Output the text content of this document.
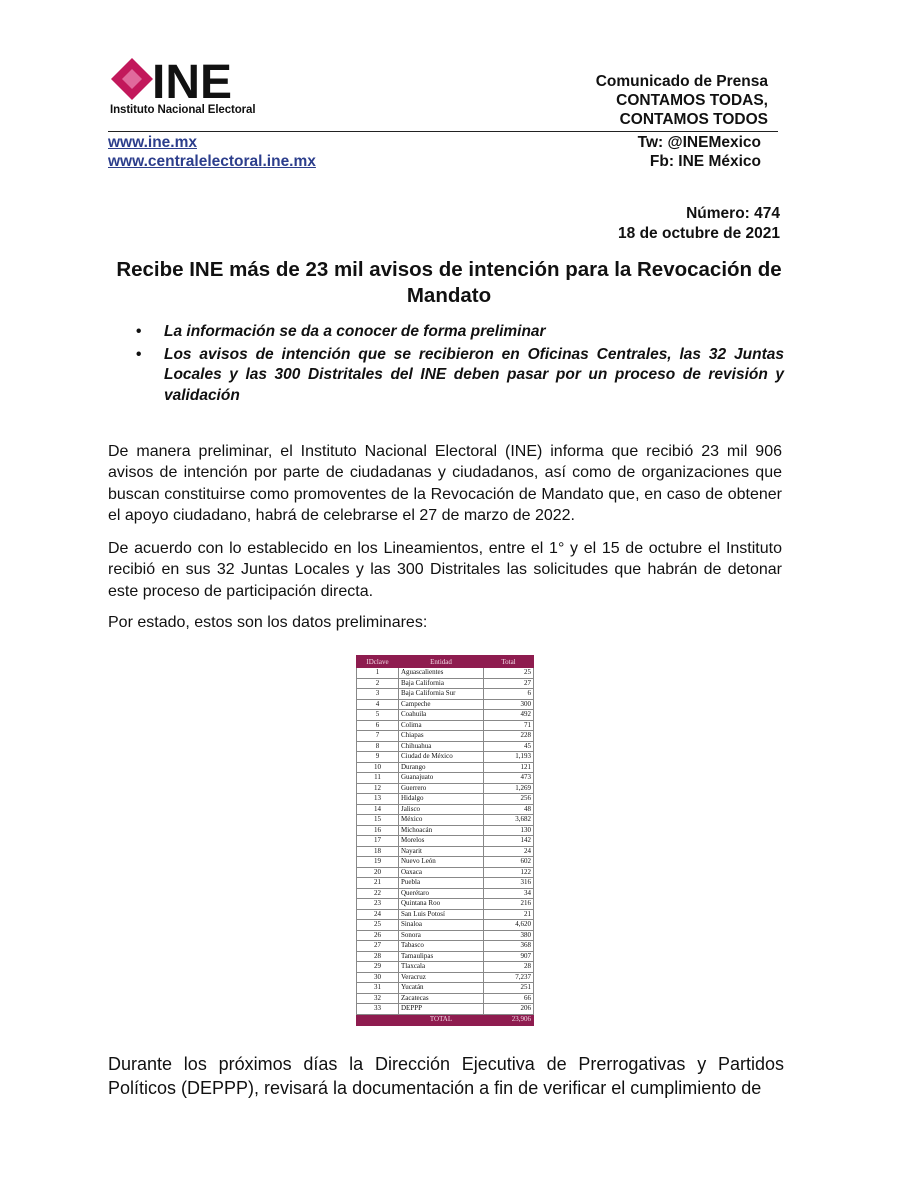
INE
Instituto Nacional Electoral
Comunicado de Prensa
CONTAMOS TODAS,
CONTAMOS TODOS
www.ine.mx
www.centralelectoral.ine.mx
Tw: @INEMexico
Fb: INE México
Número: 474
18 de octubre de 2021
Recibe INE más de 23 mil avisos de intención para la Revocación de Mandato
• La información se da a conocer de forma preliminar
• Los avisos de intención que se recibieron en Oficinas Centrales, las 32 Juntas Locales y las 300 Distritales del INE deben pasar por un proceso de revisión y validación

De manera preliminar, el Instituto Nacional Electoral (INE) informa que recibió 23 mil 906 avisos de intención por parte de ciudadanas y ciudadanos, así como de organizaciones que buscan constituirse como promoventes de la Revocación de Mandato que, en caso de obtener el apoyo ciudadano, habrá de celebrarse el 27 de marzo de 2022.

De acuerdo con lo establecido en los Lineamientos, entre el 1° y el 15 de octubre el Instituto recibió en sus 32 Juntas Locales y las 300 Distritales las solicitudes que habrán de detonar este proceso de participación directa.

Por estado, estos son los datos preliminares:

IDclave	Entidad	Total
1	Aguascalientes	25
2	Baja California	27
3	Baja California Sur	6
4	Campeche	300
5	Coahuila	492
6	Colima	71
7	Chiapas	228
8	Chihuahua	45
9	Ciudad de México	1,193
10	Durango	121
11	Guanajuato	473
12	Guerrero	1,269
13	Hidalgo	256
14	Jalisco	48
15	México	3,682
16	Michoacán	130
17	Morelos	142
18	Nayarit	24
19	Nuevo León	602
20	Oaxaca	122
21	Puebla	316
22	Querétaro	34
23	Quintana Roo	216
24	San Luis Potosí	21
25	Sinaloa	4,620
26	Sonora	380
27	Tabasco	368
28	Tamaulipas	907
29	Tlaxcala	28
30	Veracruz	7,237
31	Yucatán	251
32	Zacatecas	66
33	DEPPP	206
	TOTAL	23,906

Durante los próximos días la Dirección Ejecutiva de Prerrogativas y Partidos Políticos (DEPPP), revisará la documentación a fin de verificar el cumplimiento de
